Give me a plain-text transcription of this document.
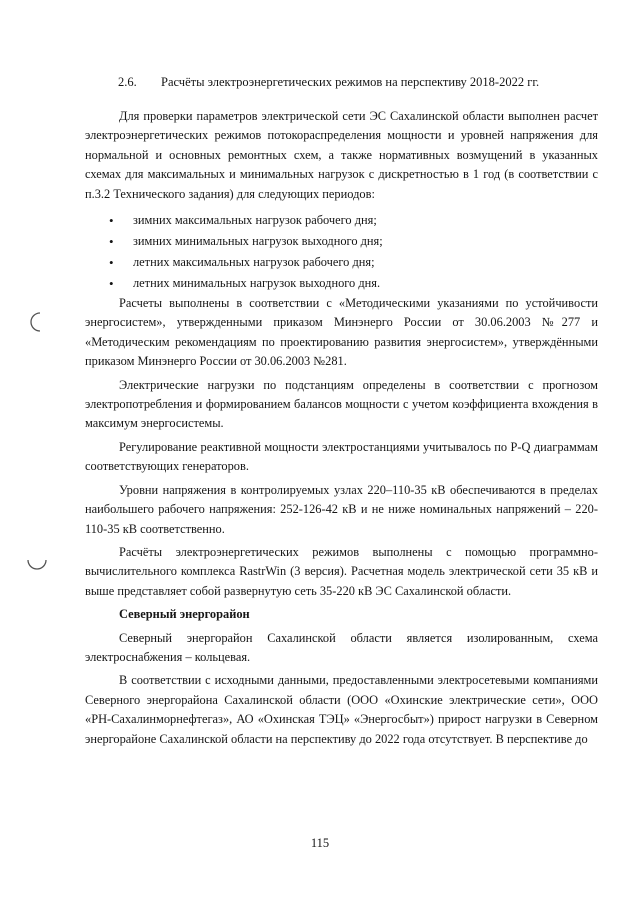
2.6. Расчёты электроэнергетических режимов на перспективу 2018-2022 гг.

Для проверки параметров электрической сети ЭС Сахалинской области выполнен расчет электроэнергетических режимов потокораспределения мощности и уровней напряжения для нормальной и основных ремонтных схем, а также нормативных возмущений в указанных схемах для максимальных и минимальных нагрузок с дискретностью в 1 год (в соответствии с п.3.2 Технического задания) для следующих периодов:

• зимних максимальных нагрузок рабочего дня;
• зимних минимальных нагрузок выходного дня;
• летних максимальных нагрузок рабочего дня;
• летних минимальных нагрузок выходного дня.

Расчеты выполнены в соответствии с «Методическими указаниями по устойчивости энергосистем», утвержденными приказом Минэнерго России от 30.06.2003 №277 и «Методическим рекомендациям по проектированию развития энергосистем», утверждёнными приказом Минэнерго России от 30.06.2003 №281.

Электрические нагрузки по подстанциям определены в соответствии с прогнозом электропотребления и формированием балансов мощности с учетом коэффициента вхождения в максимум энергосистемы.

Регулирование реактивной мощности электростанциями учитывалось по P-Q диаграммам соответствующих генераторов.

Уровни напряжения в контролируемых узлах 220–110-35 кВ обеспечиваются в пределах наибольшего рабочего напряжения: 252-126-42 кВ и не ниже номинальных напряжений – 220-110-35 кВ соответственно.

Расчёты электроэнергетических режимов выполнены с помощью программно-вычислительного комплекса RastrWin (3 версия). Расчетная модель электрической сети 35 кВ и выше представляет собой развернутую сеть 35-220 кВ ЭС Сахалинской области.

Северный энергорайон

Северный энергорайон Сахалинской области является изолированным, схема электроснабжения – кольцевая.

В соответствии с исходными данными, предоставленными электросетевыми компаниями Северного энергорайона Сахалинской области (ООО «Охинские электрические сети», ООО «РН-Сахалинморнефтегаз», АО «Охинская ТЭЦ» «Энергосбыт») прирост нагрузки в Северном энергорайоне Сахалинской области на перспективу до 2022 года отсутствует. В перспективе до

115
